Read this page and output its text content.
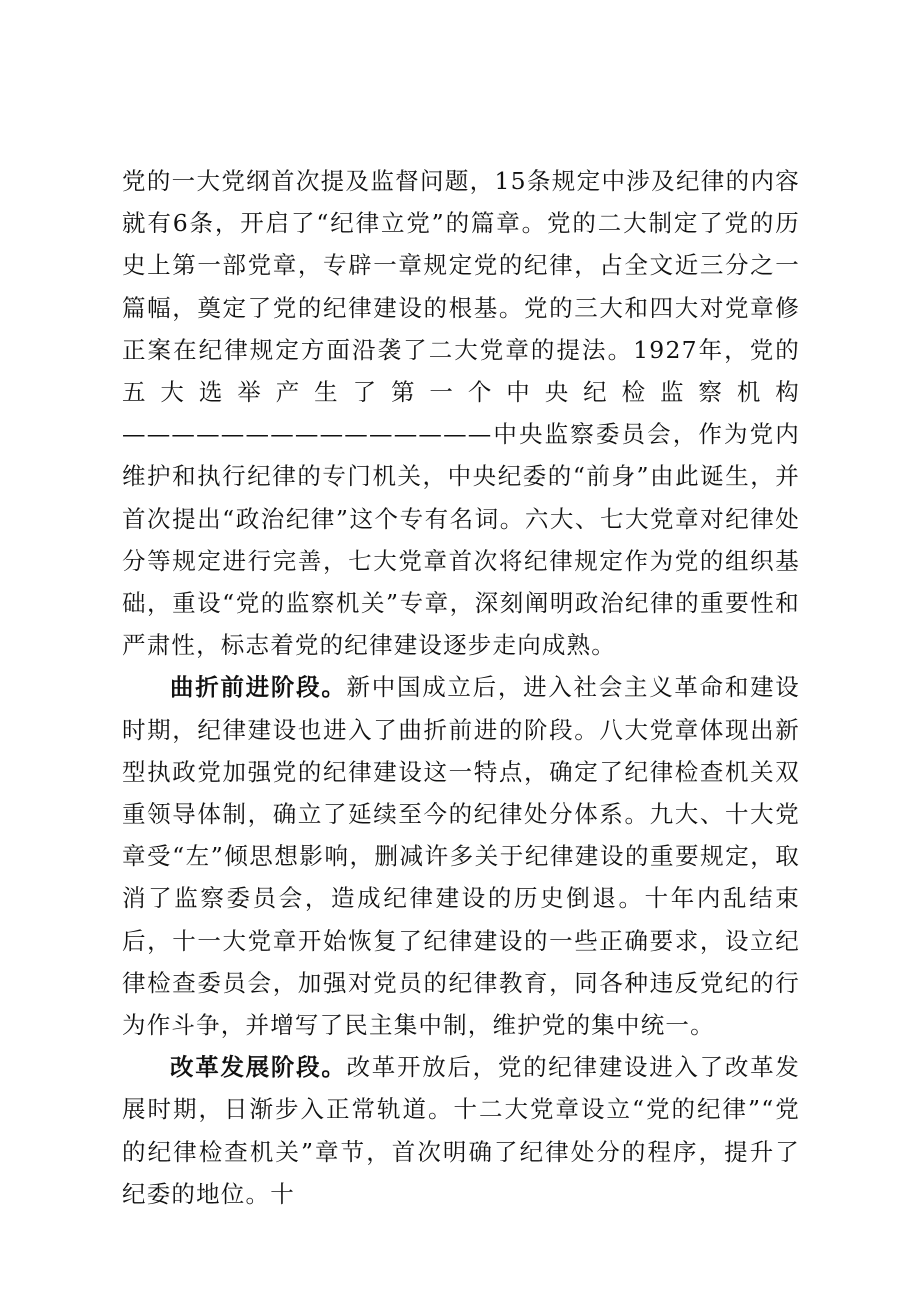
党的一大党纲首次提及监督问题，15条规定中涉及纪律的内容就有6条，开启了“纪律立党”的篇章。党的二大制定了党的历史上第一部党章，专辟一章规定党的纪律，占全文近三分之一篇幅，奠定了党的纪律建设的根基。党的三大和四大对党章修正案在纪律规定方面沿袭了二大党章的提法。1927年，党的五大选举产生了第一个中央纪检监察机构———————————————中央监察委员会，作为党内维护和执行纪律的专门机关，中央纪委的“前身”由此诞生，并首次提出“政治纪律”这个专有名词。六大、七大党章对纪律处分等规定进行完善，七大党章首次将纪律规定作为党的组织基础，重设“党的监察机关”专章，深刻阐明政治纪律的重要性和严肃性，标志着党的纪律建设逐步走向成熟。

曲折前进阶段。新中国成立后，进入社会主义革命和建设时期，纪律建设也进入了曲折前进的阶段。八大党章体现出新型执政党加强党的纪律建设这一特点，确定了纪律检查机关双重领导体制，确立了延续至今的纪律处分体系。九大、十大党章受“左”倾思想影响，删减许多关于纪律建设的重要规定，取消了监察委员会，造成纪律建设的历史倒退。十年内乱结束后，十一大党章开始恢复了纪律建设的一些正确要求，设立纪律检查委员会，加强对党员的纪律教育，同各种违反党纪的行为作斗争，并增写了民主集中制，维护党的集中统一。

改革发展阶段。改革开放后，党的纪律建设进入了改革发展时期，日渐步入正常轨道。十二大党章设立“党的纪律”“党的纪律检查机关”章节，首次明确了纪律处分的程序，提升了纪委的地位。十
